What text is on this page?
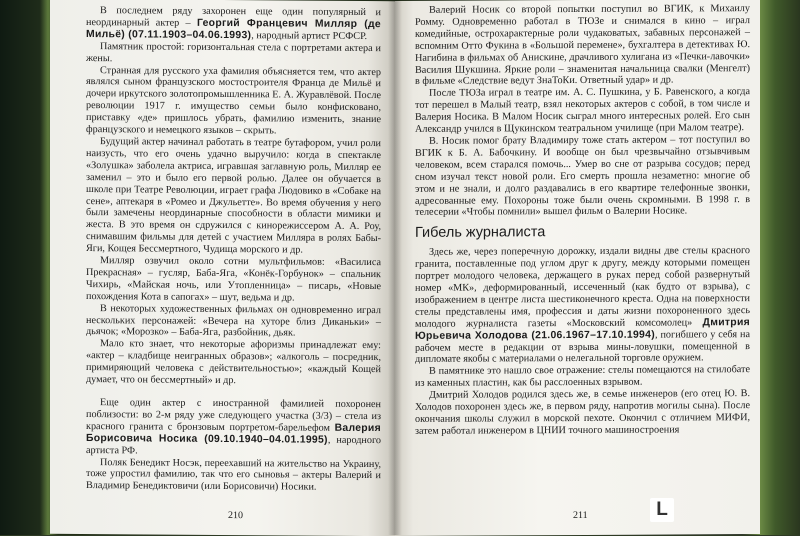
В последнем ряду захоронен еще один популярный и неординарный актер – Георгий Францевич Милляр (де Мильё) (07.11.1903–04.06.1993), народный артист РСФСР.

Памятник простой: горизонтальная стела с портретами актера и жены.

Странная для русского уха фамилия объясняется тем, что актер являлся сыном французского мостостроителя Франца де Мильё и дочери иркутского золотопромышленника Е. А. Журавлёвой. После революции 1917 г. имущество семьи было конфисковано, приставку «де» пришлось убрать, фамилию изменить, знание французского и немецкого языков – скрыть.

Будущий актер начинал работать в театре бутафором, учил роли наизусть, что его очень удачно выручило: когда в спектакле «Золушка» заболела актриса, игравшая заглавную роль, Милляр ее заменил – это и было его первой ролью. Далее он обучается в школе при Театре Революции, играет графа Людовико в «Собаке на сене», аптекаря в «Ромео и Джульетте». Во время обучения у него были замечены неординарные способности в области мимики и жеста. В это время он сдружился с кинорежиссером А. А. Роу, снимавшим фильмы для детей с участием Милляра в ролях Бабы-Яги, Кощея Бессмертного, Чудища морского и др.

Милляр озвучил около сотни мультфильмов: «Василиса Прекрасная» – гусляр, Баба-Яга, «Конёк-Горбунок» – спальник Чихирь, «Майская ночь, или Утопленница» – писарь, «Новые похождения Кота в сапогах» – шут, ведьма и др.

В некоторых художественных фильмах он одновременно играл нескольких персонажей: «Вечера на хуторе близ Диканьки» – дьячок; «Морозко» – Баба-Яга, разбойник, дьяк.

Мало кто знает, что некоторые афоризмы принадлежат ему: «актер – кладбище неигранных образов»; «алкоголь – посредник, примиряющий человека с действительностью»; «каждый Кощей думает, что он бессмертный» и др.

Еще один актер с иностранной фамилией похоронен поблизости: во 2-м ряду уже следующего участка (3/3) – стела из красного гранита с бронзовым портретом-барельефом Валерия Борисовича Носика (09.10.1940–04.01.1995), народного артиста РФ.

Поляк Бенедикт Носэк, переехавший на жительство на Украину, тоже упростил фамилию, так что его сыновья – актеры Валерий и Владимир Бенедиктовичи (или Борисовичи) Носики.

210

Валерий Носик со второй попытки поступил во ВГИК, к Михаилу Ромму. Одновременно работал в ТЮЗе и снимался в кино – играл комедийные, острохарактерные роли чудаковатых, забавных персонажей – вспомним Отто Фукина в «Большой перемене», бухгалтера в детективах Ю. Нагибина в фильмах об Анискине, драчливого хулигана из «Печки-лавочки» Василия Шукшина. Яркие роли – знаменитая начальница свалки (Менгелт) в фильме «Следствие ведут ЗнаТоКи. Ответный удар» и др.

После ТЮЗа играл в театре им. А. С. Пушкина, у Б. Равенского, а когда тот перешел в Малый театр, взял некоторых актеров с собой, в том числе и Валерия Носика. В Малом Носик сыграл много интересных ролей. Его сын Александр учился в Щукинском театральном училище (при Малом театре).

В. Носик помог брату Владимиру тоже стать актером – тот поступил во ВГИК к Б. А. Бабочкину. И вообще он был чрезвычайно отзывчивым человеком, всем старался помочь... Умер во сне от разрыва сосудов; перед сном изучал текст новой роли. Его смерть прошла незаметно: многие об этом и не знали, и долго раздавались в его квартире телефонные звонки, адресованные ему. Похороны тоже были очень скромными. В 1998 г. в телесерии «Чтобы помнили» вышел фильм о Валерии Носике.

Гибель журналиста

Здесь же, через поперечную дорожку, издали видны две стелы красного гранита, поставленные под углом друг к другу, между которыми помещен портрет молодого человека, держащего в руках перед собой развернутый номер «МК», деформированный, иссеченный (как будто от взрыва), с изображением в центре листа шестиконечного креста. Одна на поверхности стелы представлены имя, профессия и даты жизни похороненного здесь молодого журналиста газеты «Московский комсомолец» Дмитрия Юрьевича Холодова (21.06.1967–17.10.1994), погибшего у себя на рабочем месте в редакции от взрыва мины-ловушки, помещенной в дипломате якобы с материалами о нелегальной торговле оружием.

В памятнике это нашло свое отражение: стелы помещаются на стилобате из каменных пластин, как бы расслоенных взрывом.

Дмитрий Холодов родился здесь же, в семье инженеров (его отец Ю. В. Холодов похоронен здесь же, в первом ряду, напротив могилы сына). После окончания школы служил в морской пехоте. Окончил с отличием МИФИ, затем работал инженером в ЦНИИ точного машиностроения

211	L
